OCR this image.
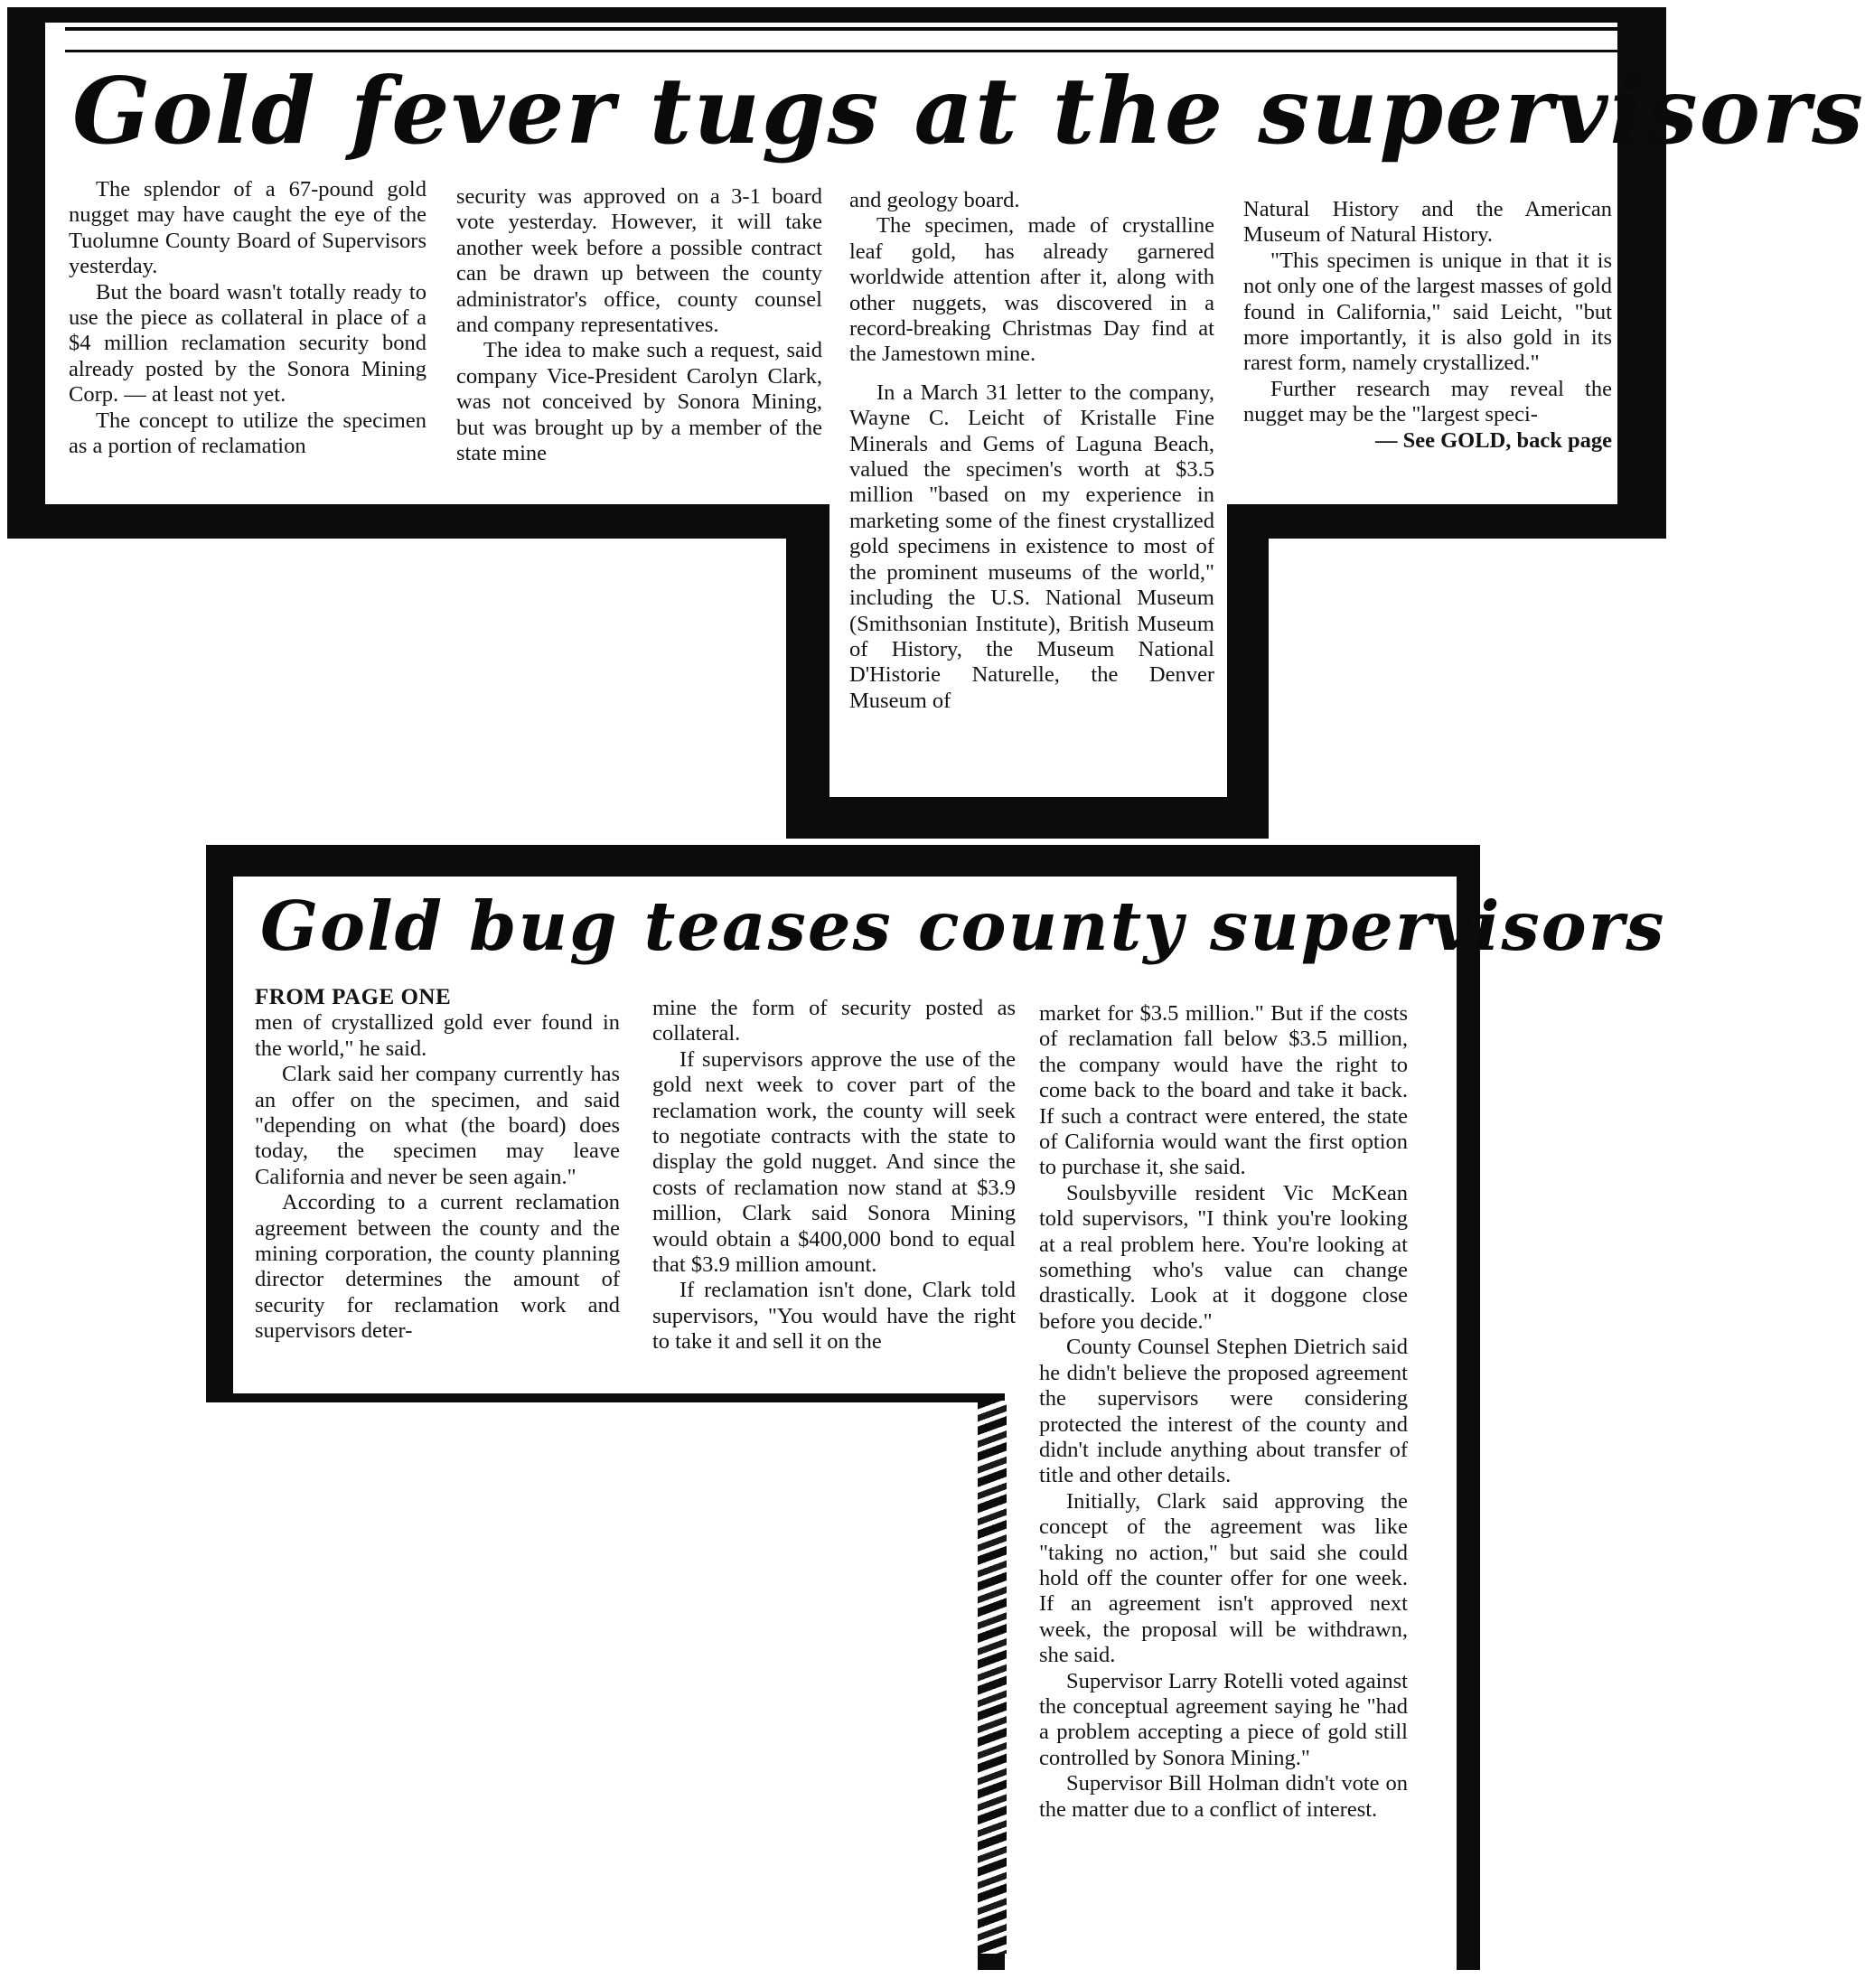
Gold fever tugs at the supervisors

The splendor of a 67-pound gold nugget may have caught the eye of the Tuolumne County Board of Supervisors yesterday.

But the board wasn't totally ready to use the piece as collateral in place of a $4 million reclamation security bond already posted by the Sonora Mining Corp. — at least not yet.

The concept to utilize the specimen as a portion of reclamation

security was approved on a 3-1 board vote yesterday. However, it will take another week before a possible contract can be drawn up between the county administrator's office, county counsel and company representatives.

The idea to make such a request, said company Vice-President Carolyn Clark, was not conceived by Sonora Mining, but was brought up by a member of the state mine

and geology board.

The specimen, made of crystalline leaf gold, has already garnered worldwide attention after it, along with other nuggets, was discovered in a record-breaking Christmas Day find at the Jamestown mine.

In a March 31 letter to the company, Wayne C. Leicht of Kristalle Fine Minerals and Gems of Laguna Beach, valued the specimen's worth at $3.5 million "based on my experience in marketing some of the finest crystallized gold specimens in existence to most of the prominent museums of the world," including the U.S. National Museum (Smithsonian Institute), British Museum of History, the Museum National D'Historie Naturelle, the Denver Museum of

Natural History and the American Museum of Natural History.

"This specimen is unique in that it is not only one of the largest masses of gold found in California," said Leicht, "but more importantly, it is also gold in its rarest form, namely crystallized."

Further research may reveal the nugget may be the "largest speci-

— See GOLD, back page

Gold bug teases county supervisors

FROM PAGE ONE

men of crystallized gold ever found in the world," he said.

Clark said her company currently has an offer on the specimen, and said "depending on what (the board) does today, the specimen may leave California and never be seen again."

According to a current reclamation agreement between the county and the mining corporation, the county planning director determines the amount of security for reclamation work and supervisors deter-

mine the form of security posted as collateral.

If supervisors approve the use of the gold next week to cover part of the reclamation work, the county will seek to negotiate contracts with the state to display the gold nugget. And since the costs of reclamation now stand at $3.9 million, Clark said Sonora Mining would obtain a $400,000 bond to equal that $3.9 million amount.

If reclamation isn't done, Clark told supervisors, "You would have the right to take it and sell it on the

market for $3.5 million." But if the costs of reclamation fall below $3.5 million, the company would have the right to come back to the board and take it back. If such a contract were entered, the state of California would want the first option to purchase it, she said.

Soulsbyville resident Vic McKean told supervisors, "I think you're looking at a real problem here. You're looking at something who's value can change drastically. Look at it doggone close before you decide."

County Counsel Stephen Dietrich said he didn't believe the proposed agreement the supervisors were considering protected the interest of the county and didn't include anything about transfer of title and other details.

Initially, Clark said approving the concept of the agreement was like "taking no action," but said she could hold off the counter offer for one week. If an agreement isn't approved next week, the proposal will be withdrawn, she said.

Supervisor Larry Rotelli voted against the conceptual agreement saying he "had a problem accepting a piece of gold still controlled by Sonora Mining."

Supervisor Bill Holman didn't vote on the matter due to a conflict of interest.
